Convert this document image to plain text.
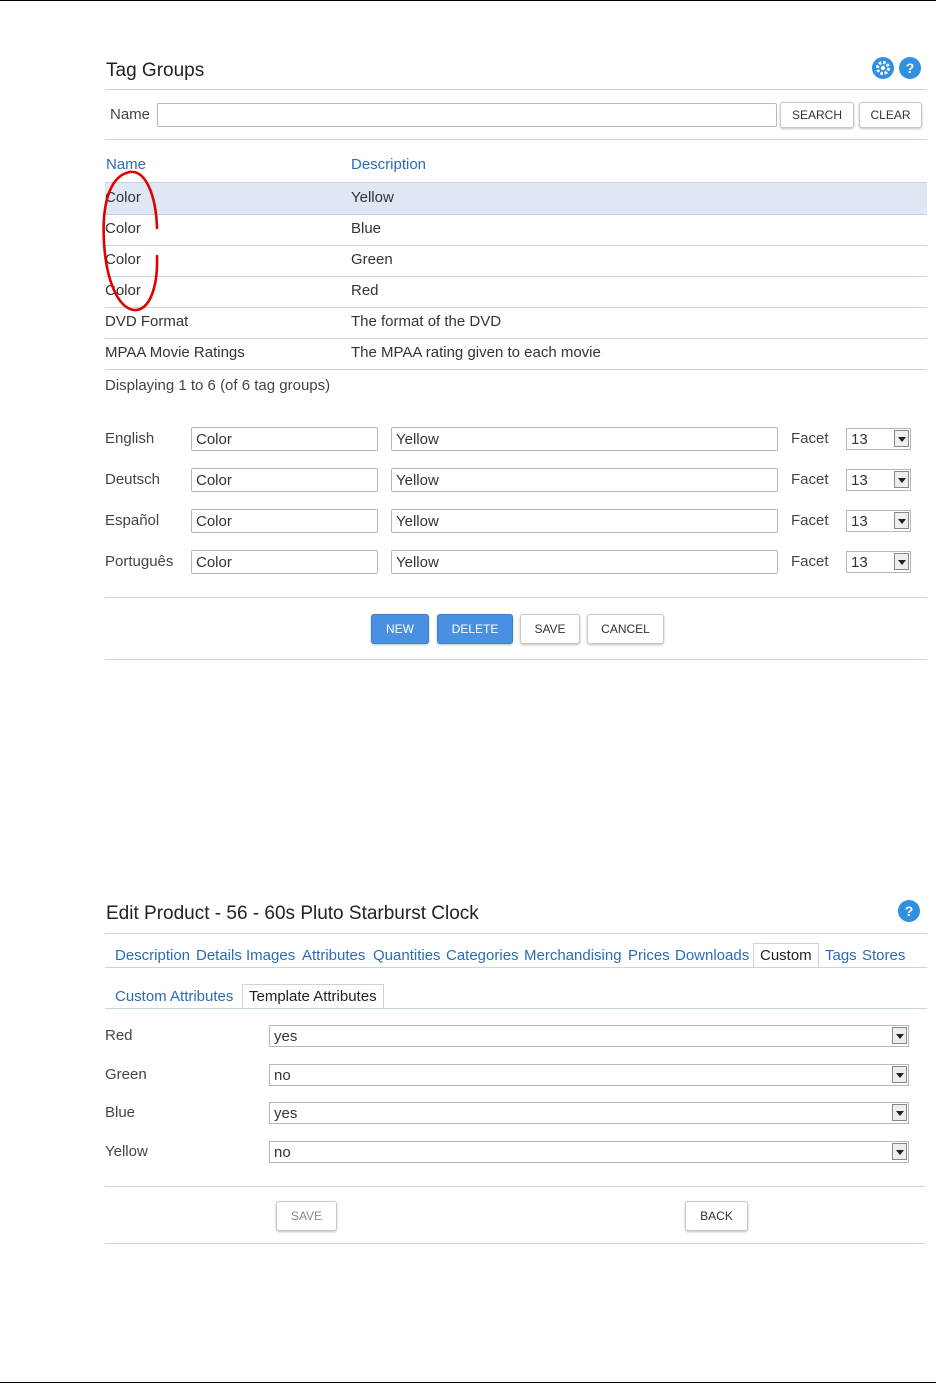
Tag Groups	?
Name	SEARCH	CLEAR
Name	Description
Color	Yellow
Color	Blue
Color	Green
Color	Red
DVD Format	The format of the DVD
MPAA Movie Ratings	The MPAA rating given to each movie
Displaying 1 to 6 (of 6 tag groups)
English	Color	Yellow	Facet	13
Deutsch	Color	Yellow	Facet	13
Español	Color	Yellow	Facet	13
Português	Color	Yellow	Facet	13
NEW	DELETE	SAVE	CANCEL
Edit Product - 56 - 60s Pluto Starburst Clock	?
Description Details Images Attributes Quantities Categories Merchandising Prices Downloads Custom Tags Stores
Custom Attributes	Template Attributes
Red	yes
Green	no
Blue	yes
Yellow	no
SAVE	BACK
